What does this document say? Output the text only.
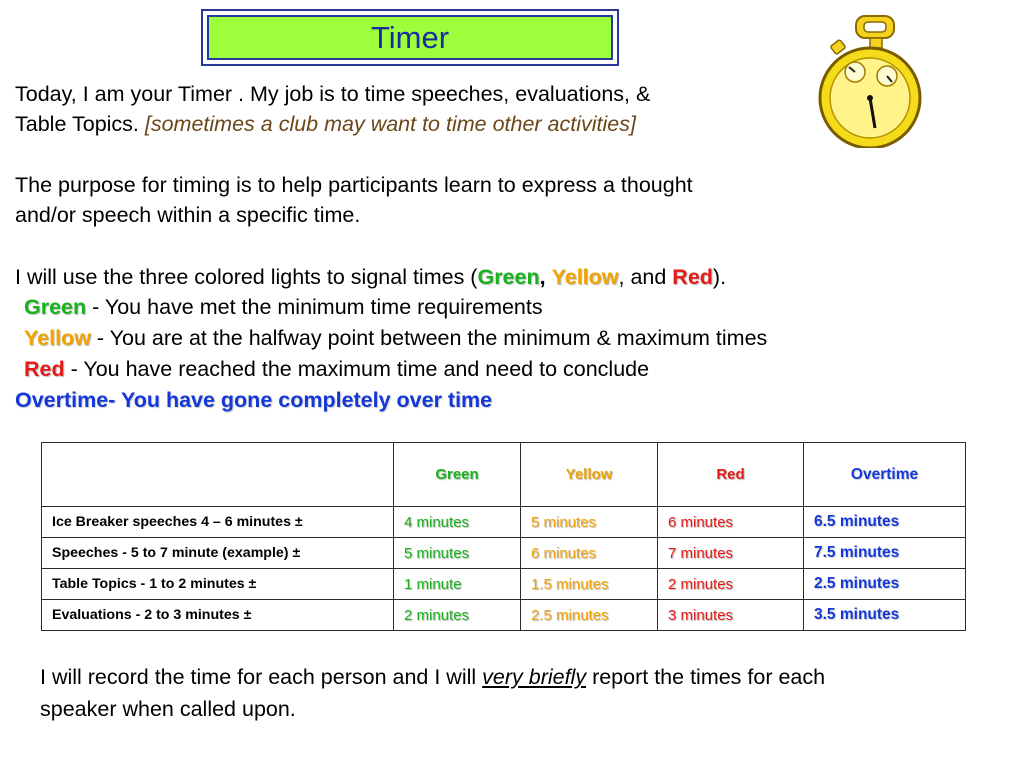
Timer
Today, I am your Timer . My job is to time speeches, evaluations, &
Table Topics. [sometimes a club may want to time other activities]
The purpose for timing is to help participants learn to express a thought
and/or speech within a specific time.
I will use the three colored lights to signal times (Green, Yellow, and Red).
Green - You have met the minimum time requirements
Yellow - You are at the halfway point between the minimum & maximum times
Red - You have reached the maximum time and need to conclude
Overtime- You have gone completely over time
	Green	Yellow	Red	Overtime
Ice Breaker speeches 4 – 6 minutes ±	4 minutes	5 minutes	6 minutes	6.5 minutes
Speeches - 5 to 7 minute (example) ±	5 minutes	6 minutes	7 minutes	7.5 minutes
Table Topics - 1 to 2 minutes ±	1 minute	1.5 minutes	2 minutes	2.5 minutes
Evaluations - 2 to 3 minutes ±	2 minutes	2.5 minutes	3 minutes	3.5 minutes
I will record the time for each person and I will very briefly report the times for each
speaker when called upon.
